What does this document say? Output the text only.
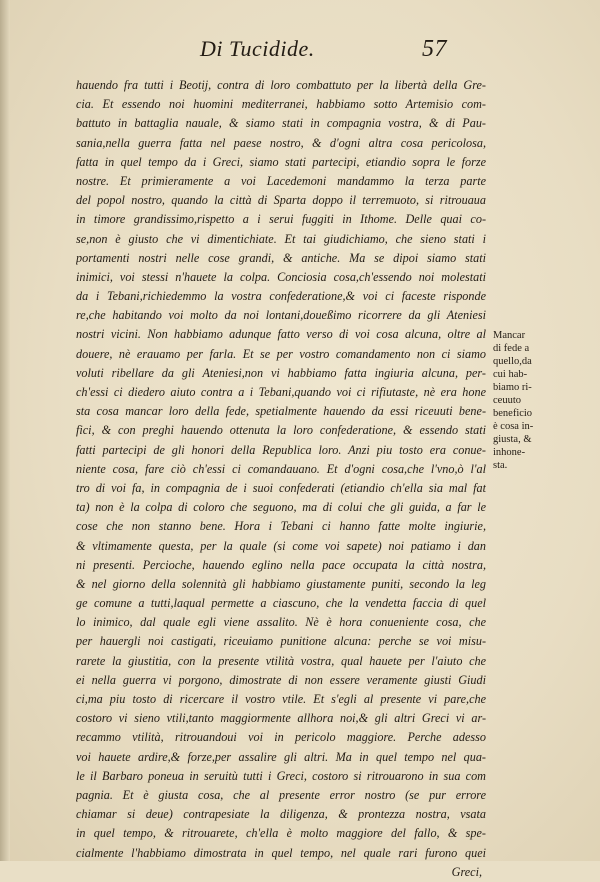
Di Tucidide.	57
hauendo fra tutti i Beotij, contra di loro combattuto per la libertà della Gre-
cia. Et essendo noi huomini mediterranei, habbiamo sotto Artemisio com-
battuto in battaglia nauale, & siamo stati in compagnia vostra, & di Pau-
sania,nella guerra fatta nel paese nostro, & d'ogni altra cosa pericolosa,
fatta in quel tempo da i Greci, siamo stati partecipi, etiandio sopra le forze
nostre. Et primieramente a voi Lacedemoni mandammo la terza parte
del popol nostro, quando la città di Sparta doppo il terremuoto, si ritrouaua
in timore grandissimo,rispetto a i serui fuggiti in Ithome. Delle quai co-
se,non è giusto che vi dimentichiate. Et tai giudichiamo, che sieno stati i
portamenti nostri nelle cose grandi, & antiche. Ma se dipoi siamo stati
inimici, voi stessi n'hauete la colpa. Conciosia cosa,ch'essendo noi molestati
da i Tebani,richiedemmo la vostra confederatione,& voi ci faceste risponde
re,che habitando voi molto da noi lontani,doueßimo ricorrere da gli Ateniesi
nostri vicini. Non habbiamo adunque fatto verso di voi cosa alcuna, oltre al
douere, nè erauamo per farla. Et se per vostro comandamento non ci siamo
voluti ribellare da gli Ateniesi,non vi habbiamo fatta ingiuria alcuna, per-
ch'essi ci diedero aiuto contra a i Tebani,quando voi ci rifiutaste, nè era hone
sta cosa mancar loro della fede, spetialmente hauendo da essi riceuuti bene-
fici, & con preghi hauendo ottenuta la loro confederatione, & essendo stati
fatti partecipi de gli honori della Republica loro. Anzi piu tosto era conue-
niente cosa, fare ciò ch'essi ci comandauano. Et d'ogni cosa,che l'vno,ò l'al
tro di voi fa, in compagnia de i suoi confederati (etiandio ch'ella sia mal fat
ta) non è la colpa di coloro che seguono, ma di colui che gli guida, a far le
cose che non stanno bene. Hora i Tebani ci hanno fatte molte ingiurie,
& vltimamente questa, per la quale (si come voi sapete) noi patiamo i dan
ni presenti. Percioche, hauendo eglino nella pace occupata la città nostra,
& nel giorno della solennità gli habbiamo giustamente puniti, secondo la leg
ge comune a tutti,laqual permette a ciascuno, che la vendetta faccia di quel
lo inimico, dal quale egli viene assalito. Nè è hora conueniente cosa, che
per hauergli noi castigati, riceuiamo punitione alcuna: perche se voi misu-
rarete la giustitia, con la presente vtilità vostra, qual hauete per l'aiuto che
ei nella guerra vi porgono, dimostrate di non essere veramente giusti Giudi
ci,ma piu tosto di ricercare il vostro vtile. Et s'egli al presente vi pare,che
costoro vi sieno vtili,tanto maggiormente allhora noi,& gli altri Greci vi ar-
recammo vtilità, ritrouandoui voi in pericolo maggiore. Perche adesso
voi hauete ardire,& forze,per assalire gli altri. Ma in quel tempo nel qua-
le il Barbaro poneua in seruitù tutti i Greci, costoro si ritrouarono in sua com
pagnia. Et è giusta cosa, che al presente error nostro (se pur errore
chiamar si deue) contrapesiate la diligenza, & prontezza nostra, vsata
in quel tempo, & ritrouarete, ch'ella è molto maggiore del fallo, & spe-
cialmente l'habbiamo dimostrata in quel tempo, nel quale rari furono quei
Greci,
Mancar
di fede a
quello,da
cui hab-
biamo ri-
ceuuto
beneficio
è cosa in-
giusta, &
inhone-
sta.
